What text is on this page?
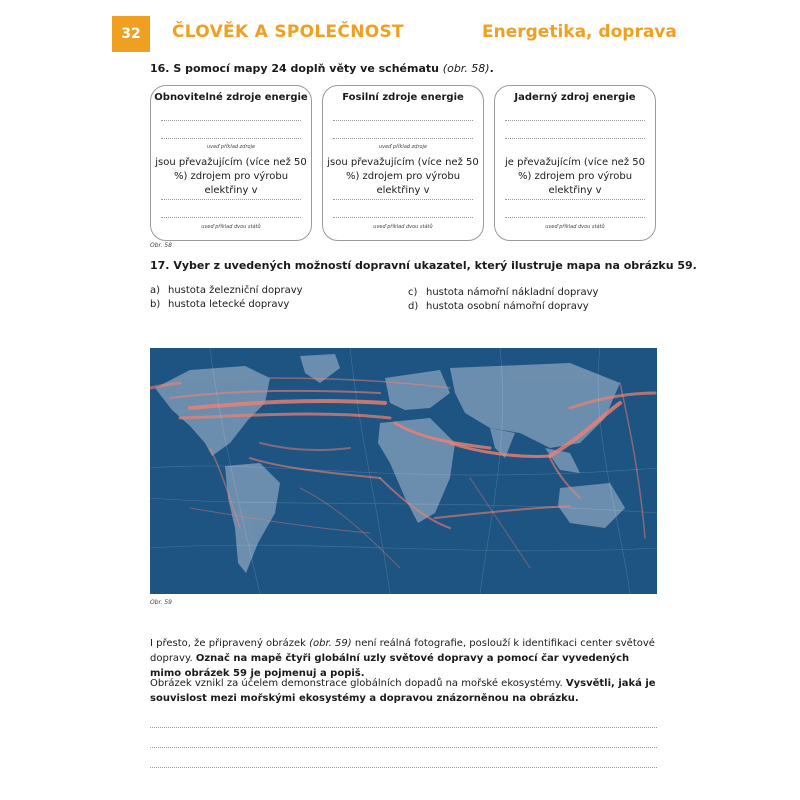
32	ČLOVĚK A SPOLEČNOST	Energetika, doprava
16. S pomocí mapy 24 doplň věty ve schématu (obr. 58).
Obnovitelné zdroje energie
uveď příklad zdroje
jsou převažujícím (více než 50 %) zdrojem pro výrobu elektřiny v
uveď příklad dvou států
Fosilní zdroje energie
uveď příklad zdroje
jsou převažujícím (více než 50 %) zdrojem pro výrobu elektřiny v
uveď příklad dvou států
Jaderný zdroj energie
je převažujícím (více než 50 %) zdrojem pro výrobu elektřiny v
uveď příklad dvou států
Obr. 58
17. Vyber z uvedených možností dopravní ukazatel, který ilustruje mapa na obrázku 59.
a) hustota železniční dopravy
b) hustota letecké dopravy
c) hustota námořní nákladní dopravy
d) hustota osobní námořní dopravy
Obr. 59
I přesto, že připravený obrázek (obr. 59) není reálná fotografie, poslouží k identifikaci center světové dopravy. Označ na mapě čtyři globální uzly světové dopravy a pomocí čar vyvedených mimo obrázek 59 je pojmenuj a popiš.
Obrázek vznikl za účelem demonstrace globálních dopadů na mořské ekosystémy. Vysvětli, jaká je souvislost mezi mořskými ekosystémy a dopravou znázorněnou na obrázku.
